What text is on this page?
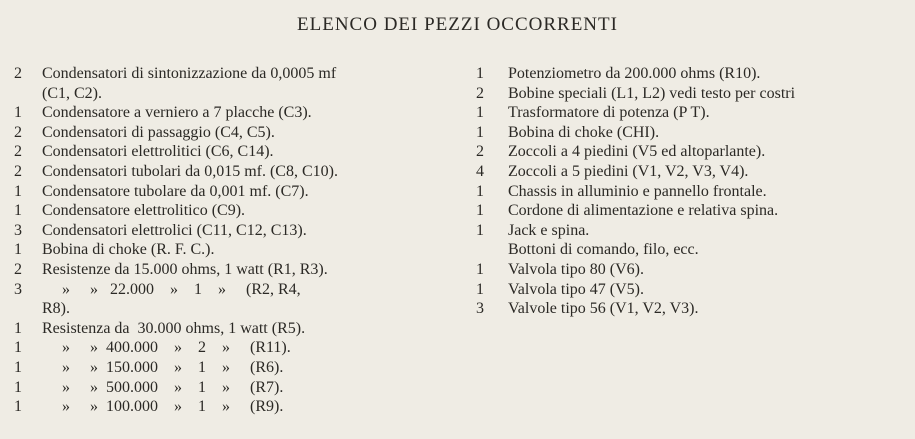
ELENCO DEI PEZZI OCCORRENTI
2	Condensatori di sintonizzazione da 0,0005 mf
(C1, C2).
1	Condensatore a verniero a 7 placche (C3).
2	Condensatori di passaggio (C4, C5).
2	Condensatori elettrolitici (C6, C14).
2	Condensatori tubolari da 0,015 mf. (C8, C10).
1	Condensatore tubolare da 0,001 mf. (C7).
1	Condensatore elettrolitico (C9).
3	Condensatori elettrolici (C11, C12, C13).
1	Bobina di choke (R. F. C.).
2	Resistenze da 15.000 ohms, 1 watt (R1, R3).
3	»     »   22.000    »    1    »     (R2, R4,
R8).
1	Resistenza da  30.000 ohms, 1 watt (R5).
1	»     »  400.000    »    2    »     (R11).
1	»     »  150.000    »    1    »     (R6).
1	»     »  500.000    »    1    »     (R7).
1	»     »  100.000    »    1    »     (R9).
1	Potenziometro da 200.000 ohms (R10).
2	Bobine speciali (L1, L2) vedi testo per costri
1	Trasformatore di potenza (P T).
1	Bobina di choke (CHI).
2	Zoccoli a 4 piedini (V5 ed altoparlante).
4	Zoccoli a 5 piedini (V1, V2, V3, V4).
1	Chassis in alluminio e pannello frontale.
1	Cordone di alimentazione e relativa spina.
1	Jack e spina.
Bottoni di comando, filo, ecc.
1	Valvola tipo 80 (V6).
1	Valvola tipo 47 (V5).
3	Valvole tipo 56 (V1, V2, V3).
